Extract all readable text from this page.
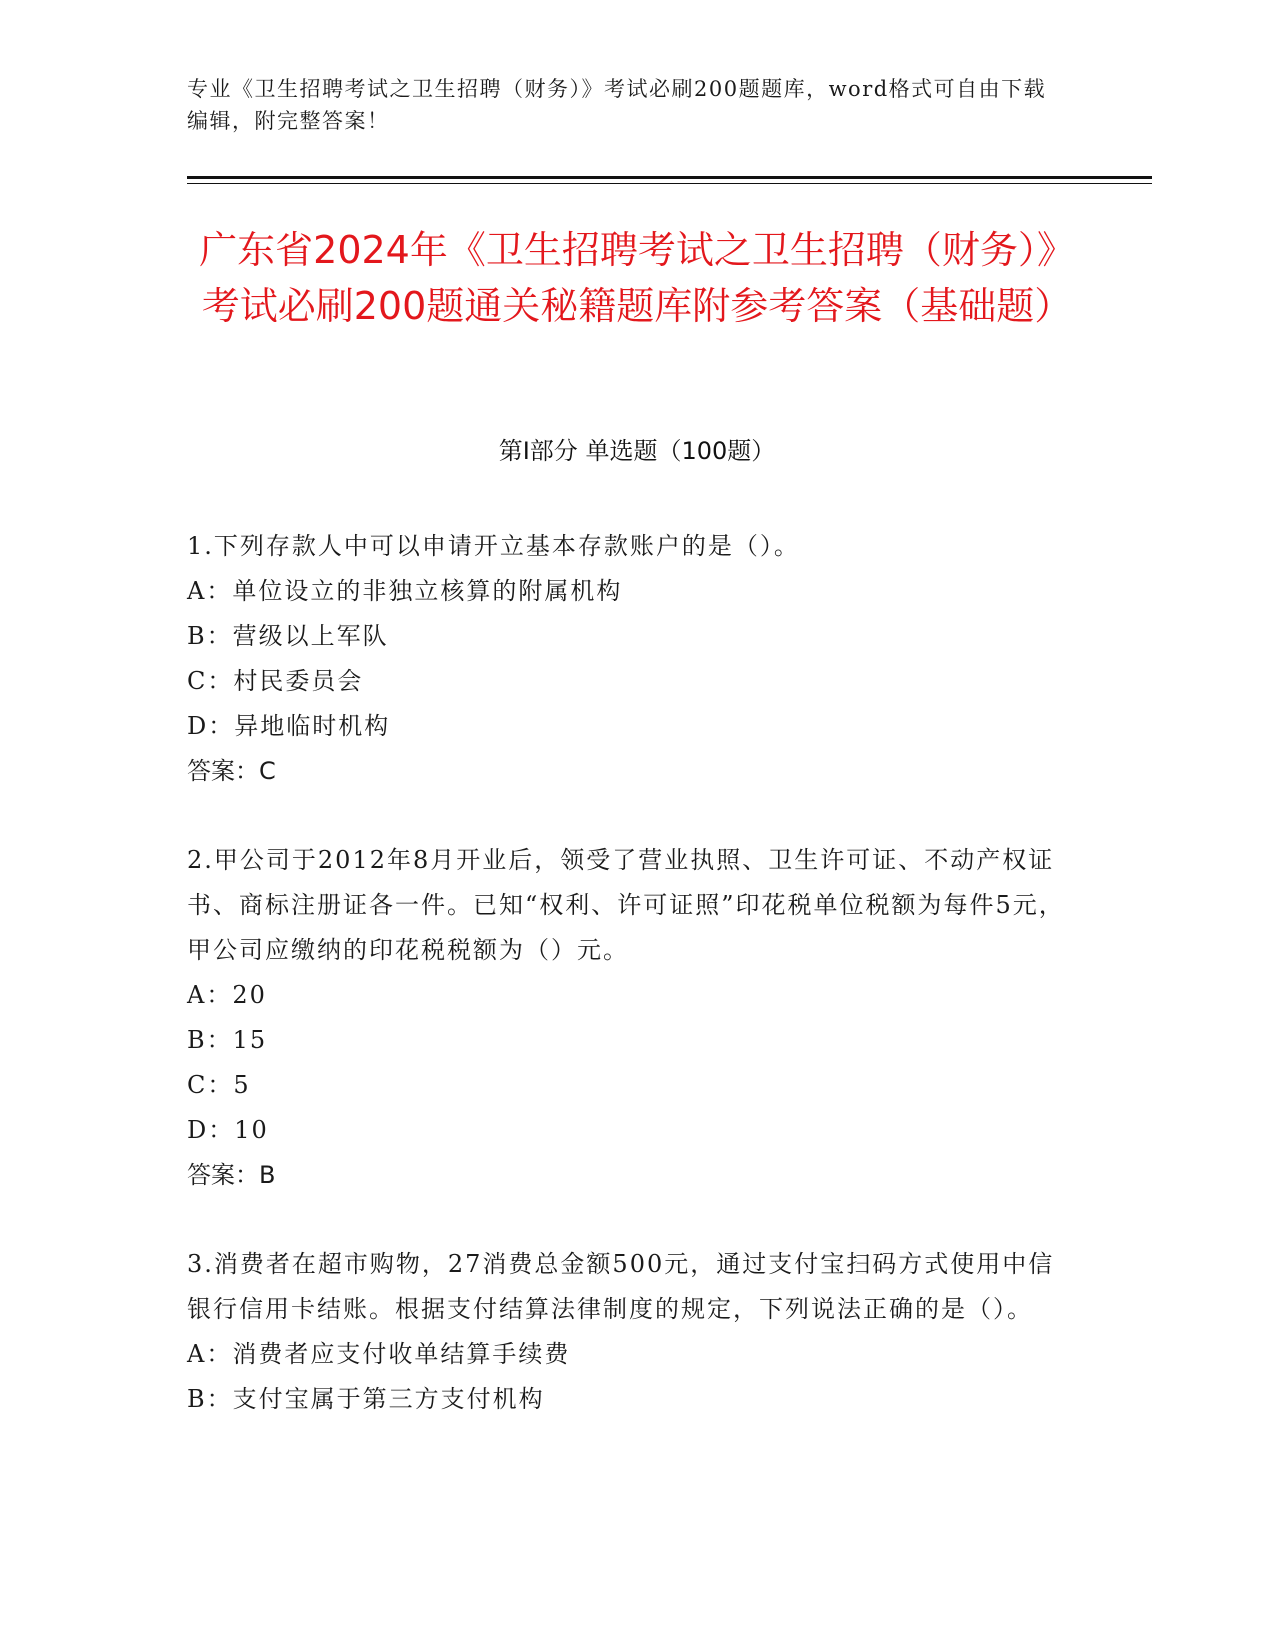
专业《卫生招聘考试之卫生招聘（财务）》考试必刷200题题库，word格式可自由下载编辑，附完整答案！
广东省2024年《卫生招聘考试之卫生招聘（财务）》考试必刷200题通关秘籍题库附参考答案（基础题）
第Ⅰ部分 单选题（100题）

1.下列存款人中可以申请开立基本存款账户的是（）。

A：单位设立的非独立核算的附属机构

B：营级以上军队

C：村民委员会

D：异地临时机构

答案：C

2.甲公司于2012年8月开业后，领受了营业执照、卫生许可证、不动产权证书、商标注册证各一件。已知“权利、许可证照”印花税单位税额为每件5元，甲公司应缴纳的印花税税额为（）元。

A：20

B：15

C：5

D：10

答案：B

3.消费者在超市购物，27消费总金额500元，通过支付宝扫码方式使用中信银行信用卡结账。根据支付结算法律制度的规定，下列说法正确的是（）。

A：消费者应支付收单结算手续费

B：支付宝属于第三方支付机构
